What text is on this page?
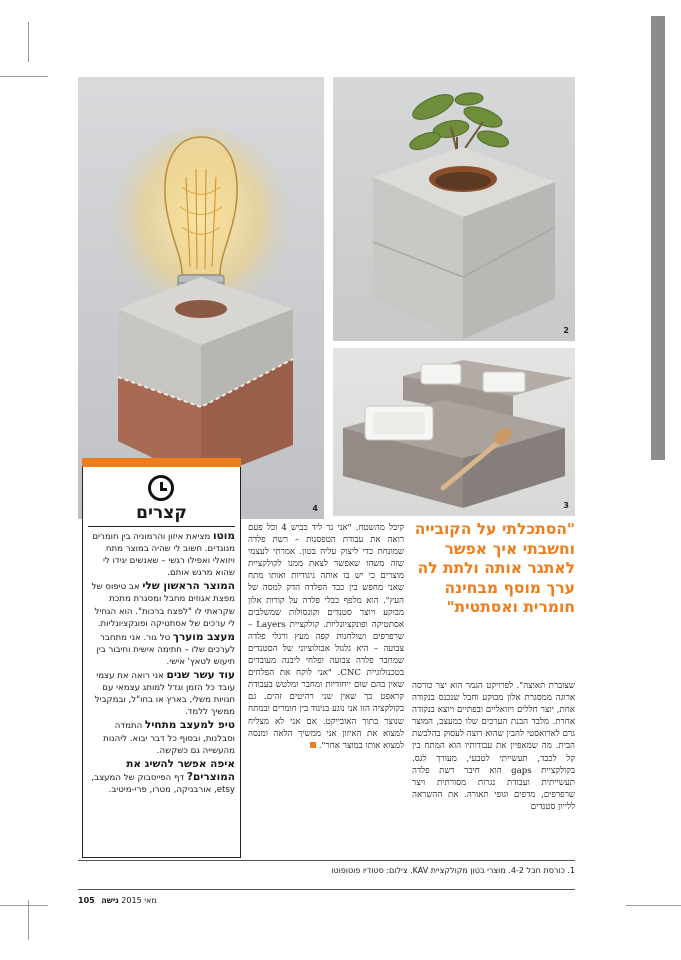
4
2
3
קצרים
מוטו מציאת איזון והרמוניה בין חומרים מנוגדים. חשוב לי שהיה במוצר מתח ויזואלי ואפילו רגשי – שאנשים יגידו לי שהוא מרגש אותם.
המוצר הראשון שלי אב טיפוס של מפצת אגוזים מחבל ומסגרת מתכת שקראתי לו "לפצח ברכות". הוא הגחיל לי ערכים של אסתטיקה ופונקציונליות.
מעצב מוערך טל גור. אני מתחבר לערכים שלו – חתימה אישית וחיבור בין תיעוש לטאץ' אישי.
עוד עשר שנים אני רואה את עצמי עובד כל הזמן וגדל למותג עצמאי עם חנויות משלי, בארץ או בחו"ל, ובמקביל ממשיך ללמד.
טיפ למעצב מתחיל התמדה וסבלנות, ובסוף כל דבר יבוא. ליהנות מהעשייה גם כשקשה.
איפה אפשר להשיג את המוצרים? דף הפייסבוק של המעצב, etsy, אורבניקה, מטרו, פרי-מיטיב.
קיבל מהשטח. "אני גר ליד כביש 4 וכל פעם רואה את עבודת הטפסנות – רשת פלדה שמונחת כדי ליצוק עליה בטון. אמרתי לעצמי שזה משהו שאפשר לצאת ממנו לקולקציית מוצרים כי יש בו אותה ניגודיות ואותו מתח שאני מחפש בין כבד הפלדה הדק למסה של העץ". הוא מלפף כבלי פלדה על קורות אלון מבוקע ויוצר סטנדים וקונסולות שמשלבים אסתטיקה ופונקציונליות. קולקציית Layers – שרפרפים ושולחנות קפה מעץ ורגלי פלדה צבועה – היא גלגול אבולוציוני של הסטנדים שמחבר פלדה צבועה ופלחי ליבנה מעובדים בטכנולוגיית CNC. "אני לוקח את הפלחים שאין בהם שום ייחודיות ומחבר ומלטש בעבודת קראפט כך שאין שני רהיטים זהים. גם בקולקציה הזו אני נוגע בניגוד בין חומרים ובמתח שנוצר בתוך האובייקט. אם אני לא מצליח למצוא את האיזון אני ממשיך הלאה ומנסה למצוא אותו במוצר אחר".
"הסתכלתי על הקובייה וחשבתי איך אפשר לאתגר אותה ולתת לה ערך מוסף מבחינה חומרית ואסתטית"
שצוברת תאוצה". לפרויקט הגמר הוא יצר כורסה ארוגה ממסגרת אלון מבוקע וחבל שנכנס בנקודה אחת, יוצר חללים ויזואליים ובפתיים ויוצא בנקודה אחרת. מלבד הבנת הערכים שלו כמעצב, המוצר גרם לארואסטי להבין שהוא רוצה לעסוק בהלבשת הבית. מה שמאפיין את עבודותיו הוא המתח בין קל לכבד, תעשייתי לטבעי, מעורך לגס. בקולקציית gaps הוא חיבר רשת פלדה תעשייתית ועבודת נגרות מסורתית ויצר שרפרפים, מדפים וגופי תאורה. את ההשראה ללייון סטנדים
1. כורסת חבל 4-2. מוצרי בטון מקולקציית KAV. צילום: סטודיו פוטופוטו
מאי 2015 גישה 105
